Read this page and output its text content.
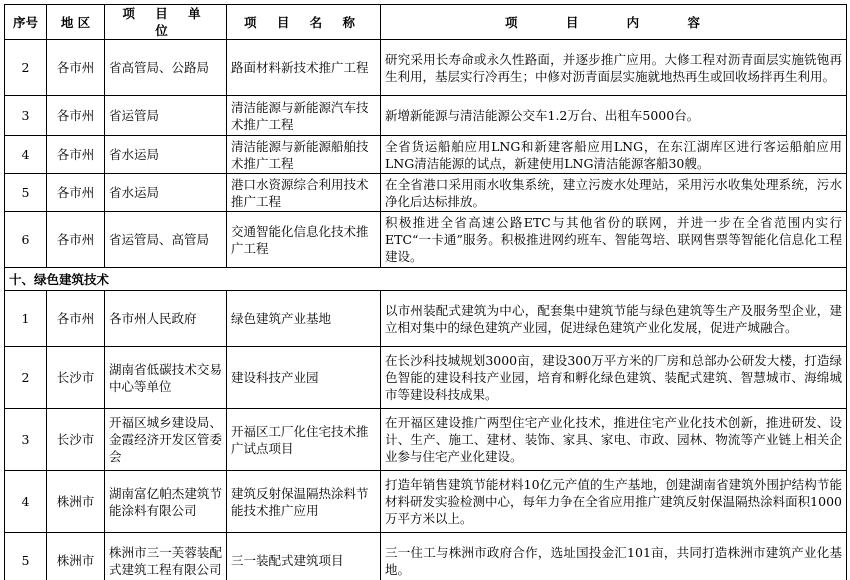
序号	地 区	项 目 单 位	项 目 名 称	项 目 内 容
2	各市州	省高管局、公路局	路面材料新技术推广工程	研究采用长寿命或永久性路面，并逐步推广应用。大修工程对沥青面层实施铣铇再生利用，基层实行冷再生；中修对沥青面层实施就地热再生或回收场拌再生利用。
3	各市州	省运管局	清洁能源与新能源汽车技术推广工程	新增新能源与清洁能源公交车1.2万台、出租车5000台。
4	各市州	省水运局	清洁能源与新能源船舶技术推广工程	全省货运船舶应用LNG和新建客船应用LNG，在东江湖库区进行客运船舶应用LNG清洁能源的试点，新建使用LNG清洁能源客船30艘。
5	各市州	省水运局	港口水资源综合利用技术推广工程	在全省港口采用雨水收集系统，建立污废水处理站，采用污水收集处理系统，污水净化后达标排放。
6	各市州	省运管局、高管局	交通智能化信息化技术推广工程	积极推进全省高速公路ETC与其他省份的联网，并进一步在全省范围内实行ETC“一卡通”服务。积极推进网约班车、智能驾培、联网售票等智能化信息化工程建设。
十、绿色建筑技术				
1	各市州	各市州人民政府	绿色建筑产业基地	以市州装配式建筑为中心，配套集中建筑节能与绿色建筑等生产及服务型企业，建立相对集中的绿色建筑产业园，促进绿色建筑产业化发展，促进产城融合。
2	长沙市	湖南省低碳技术交易中心等单位	建设科技产业园	在长沙科技城规划3000亩，建设300万平方米的厂房和总部办公研发大楼，打造绿色智能的建设科技产业园，培育和孵化绿色建筑、装配式建筑、智慧城市、海绵城市等建设科技成果。
3	长沙市	开福区城乡建设局、金霞经济开发区管委会	开福区工厂化住宅技术推广试点项目	在开福区建设推广两型住宅产业化技术，推进住宅产业化技术创新，推进研发、设计、生产、施工、建材、装饰、家具、家电、市政、园林、物流等产业链上相关企业参与住宅产业化建设。
4	株洲市	湖南富亿帕杰建筑节能涂料有限公司	建筑反射保温隔热涂料节能技术推广应用	打造年销售建筑节能材料10亿元产值的生产基地，创建湖南省建筑外围护结构节能材料研发实验检测中心，每年力争在全省应用推广建筑反射保温隔热涂料面积1000万平方米以上。
5	株洲市	株洲市三一芙蓉装配式建筑工程有限公司	三一装配式建筑项目	三一住工与株洲市政府合作，选址国投金汇101亩，共同打造株洲市建筑产业化基地。
